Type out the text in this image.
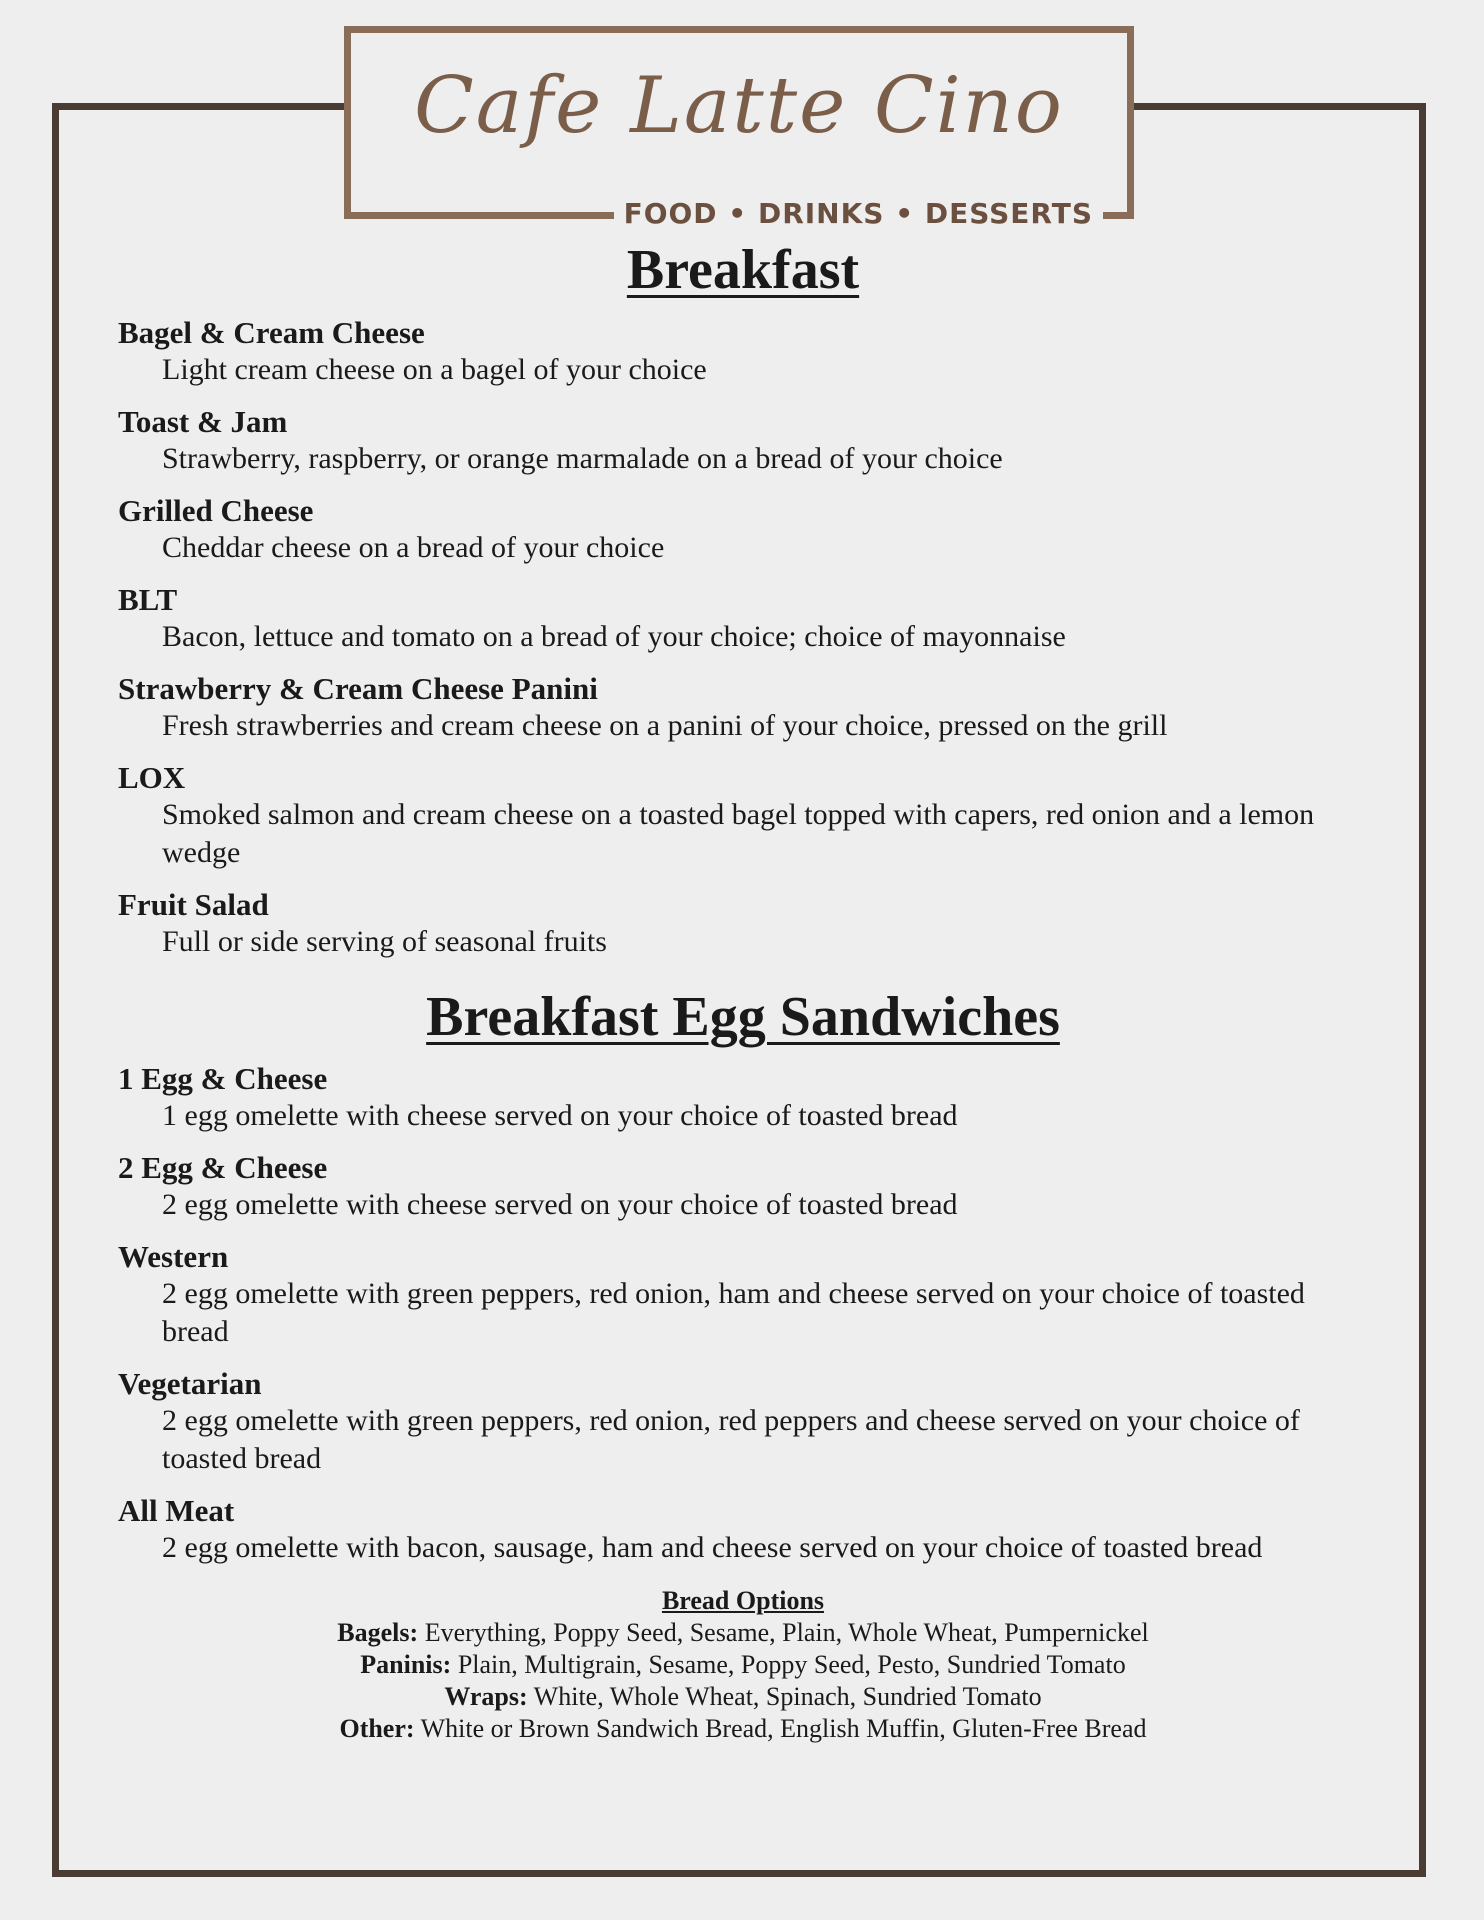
Cafe Latte Cino
FOOD • DRINKS • DESSERTS
Breakfast
Bagel & Cream Cheese
Light cream cheese on a bagel of your choice
Toast & Jam
Strawberry, raspberry, or orange marmalade on a bread of your choice
Grilled Cheese
Cheddar cheese on a bread of your choice
BLT
Bacon, lettuce and tomato on a bread of your choice; choice of mayonnaise
Strawberry & Cream Cheese Panini
Fresh strawberries and cream cheese on a panini of your choice, pressed on the grill
LOX
Smoked salmon and cream cheese on a toasted bagel topped with capers, red onion and a lemon wedge
Fruit Salad
Full or side serving of seasonal fruits
Breakfast Egg Sandwiches
1 Egg & Cheese
1 egg omelette with cheese served on your choice of toasted bread
2 Egg & Cheese
2 egg omelette with cheese served on your choice of toasted bread
Western
2 egg omelette with green peppers, red onion, ham and cheese served on your choice of toasted bread
Vegetarian
2 egg omelette with green peppers, red onion, red peppers and cheese served on your choice of toasted bread
All Meat
2 egg omelette with bacon, sausage, ham and cheese served on your choice of toasted bread
Bread Options
Bagels: Everything, Poppy Seed, Sesame, Plain, Whole Wheat, Pumpernickel
Paninis: Plain, Multigrain, Sesame, Poppy Seed, Pesto, Sundried Tomato
Wraps: White, Whole Wheat, Spinach, Sundried Tomato
Other: White or Brown Sandwich Bread, English Muffin, Gluten-Free Bread
